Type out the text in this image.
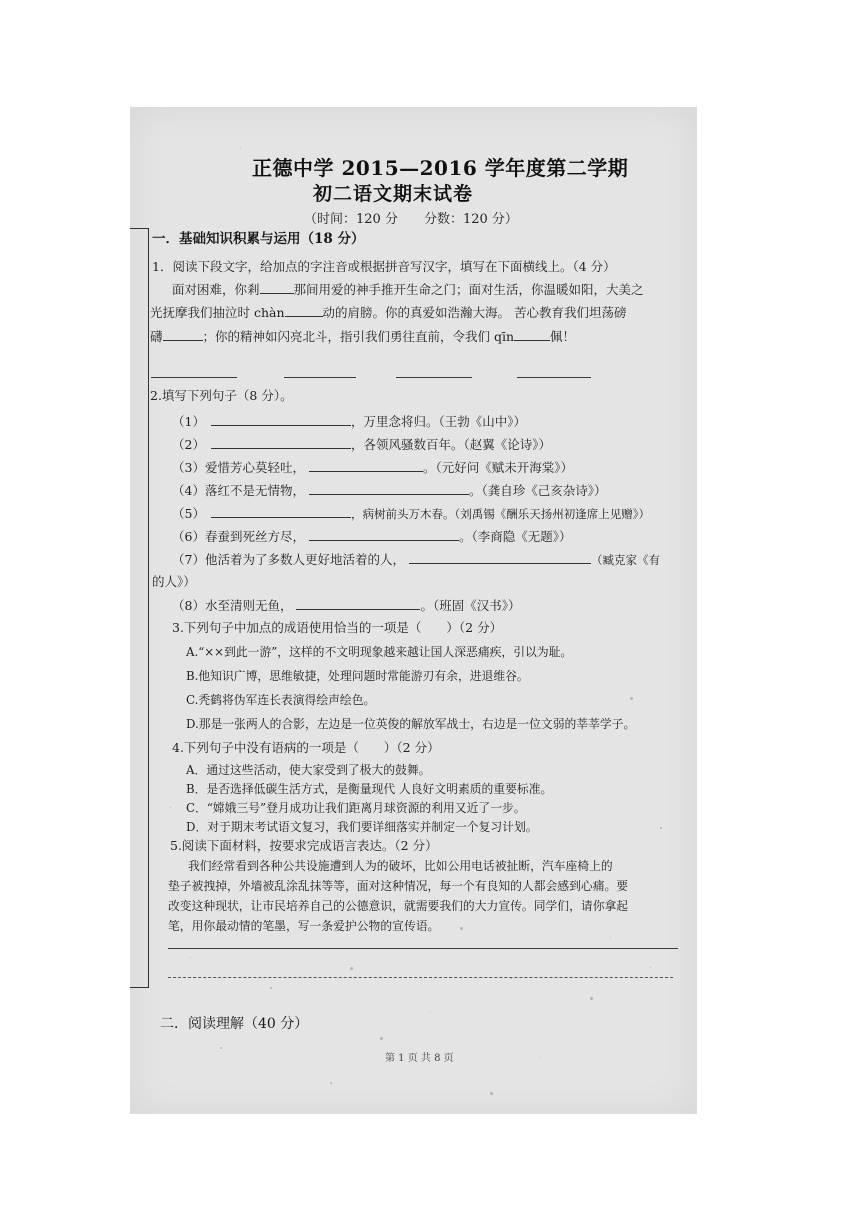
正德中学 2015—2016 学年度第二学期
初二语文期末试卷
（时间：120 分　　分数：120 分）
一．基础知识积累与运用（18 分）
1．阅读下段文字，给加点的字注音或根据拼音写汉字，填写在下面横线上。（4 分）
面对困难，你剎	那间用爱的神手推开生命之门；面对生活，你温暖如阳，大美之
光抚摩我们抽泣时 chàn	动的肩膀。你的真爱如浩瀚大海。 苦心教育我们坦荡磅
礴	；你的精神如闪亮北斗，指引我们勇往直前，令我们 qīn	佩！
2.填写下列句子（8 分）。
（1）	，万里念将归。（王勃《山中》）
（2）	，各领风骚数百年。（赵翼《论诗》）
（3）爱惜芳心莫轻吐，	。（元好问《赋未开海棠》）
（4）落红不是无情物，	。（龚自珍《己亥杂诗》）
（5）	，病树前头万木春。（刘禹锡《酬乐天扬州初逢席上见赠》）
（6）春蚕到死丝方尽，	。（李商隐《无题》）
（7）他活着为了多数人更好地活着的人，	（臧克家《有
的人》）
（8）水至清则无鱼，	。（班固《汉书》）
3.下列句子中加点的成语使用恰当的一项是（　　）（2 分）
A.“××到此一游”，这样的不文明现象越来越让国人深恶痛疾，引以为耻。
B.他知识广博，思维敏捷，处理问题时常能游刃有余，进退维谷。
C.秃鹤将伪军连长表演得绘声绘色。
D.那是一张两人的合影，左边是一位英俊的解放军战士，右边是一位文弱的莘莘学子。
4.下列句子中没有语病的一项是（　　）（2 分）
A．通过这些活动，使大家受到了极大的鼓舞。
B．是否选择低碳生活方式，是衡量现代 人良好文明素质的重要标准。
C．“嫦娥三号”登月成功让我们距离月球资源的利用又近了一步。
D．对于期末考试语文复习，我们要详细落实并制定一个复习计划。
5.阅读下面材料，按要求完成语言表达。（2 分）
我们经常看到各种公共设施遭到人为的破坏，比如公用电话被扯断，汽车座椅上的
垫子被拽掉，外墙被乱涂乱抹等等，面对这种情况，每一个有良知的人都会感到心痛。要
改变这种现状，让市民培养自己的公德意识，就需要我们的大力宣传。同学们，请你拿起
笔，用你最动情的笔墨，写一条爱护公物的宣传语。
二．阅读理解（40 分）
第 1 页 共 8 页
